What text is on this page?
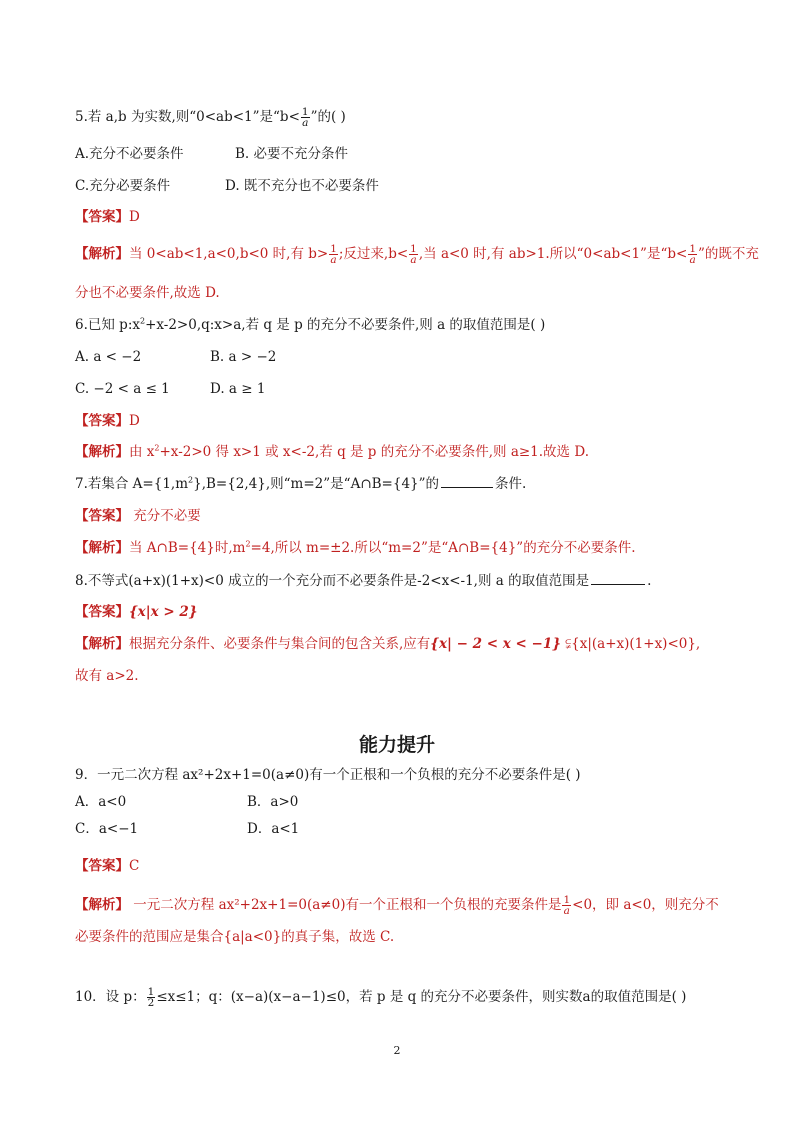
5.若 a,b 为实数,则“0<ab<1”是“$b< \frac{1}{a}$ ”的( )
A.充分不必要条件	B. 必要不充分条件
C.充分必要条件	D. 既不充分也不必要条件
【答案】D
【解析】当 0<ab<1,a<0,b<0 时,有 $b> \frac{1}{a}$ ;反过来$,b< \frac{1}{a}$ ,当 a<0 时,有 ab>1.所以“0<ab<1”是“$b< \frac{1}{a}$ ”的既不充
分也不必要条件,故选 D.
6.已知 $p:x^2+x-2>0,q:x>a$,若 q 是 p 的充分不必要条件,则 a 的取值范围是( )
A. a < −2	B. a > −2
C. −2 < a ≤ 1	D. a ≥ 1
【答案】D
【解析】由 $x^2+x-2>0$ 得 x>1 或 x<-2,若 q 是 p 的充分不必要条件,则 a≥1.故选 D.
7.若集合 $A=\{1,m^2\},B=\{2,4\}$,则“m=2”是“A∩B={4}”的	条件.
【答案】 充分不必要
【解析】当 A∩B={4}时$,m^2=4$,所以 m=±2.所以“m=2”是“A∩B={4}”的充分不必要条件.
8.不等式(a+x)(1+x)<0 成立的一个充分而不必要条件是-2<x<-1,则 a 的取值范围是	.
【答案】{x|x > 2}
【解析】根据充分条件、必要条件与集合间的包含关系,应有{x| − 2 < x < −1} ⫋{x|(a+x)(1+x)<0},
故有 a>2.
能力提升
9．一元二次方程 ax²+2x+1=0(a≠0)有一个正根和一个负根的充分不必要条件是( )
A．a<0	B．a>0
C．a<−1	D．a<1
【答案】C
【解析】 一元二次方程 ax²+2x+1=0(a≠0)有一个正根和一个负根的充要条件是 $\frac{1}{a} <0$，即 a<0，则充分不
必要条件的范围应是集合{a|a<0}的真子集，故选 C.
10．设 p： $\frac{1}{2} \le x\le 1$；q：(x−a)(x−a−1)≤0，若 p 是 q 的充分不必要条件，则实数a的取值范围是( )
2
